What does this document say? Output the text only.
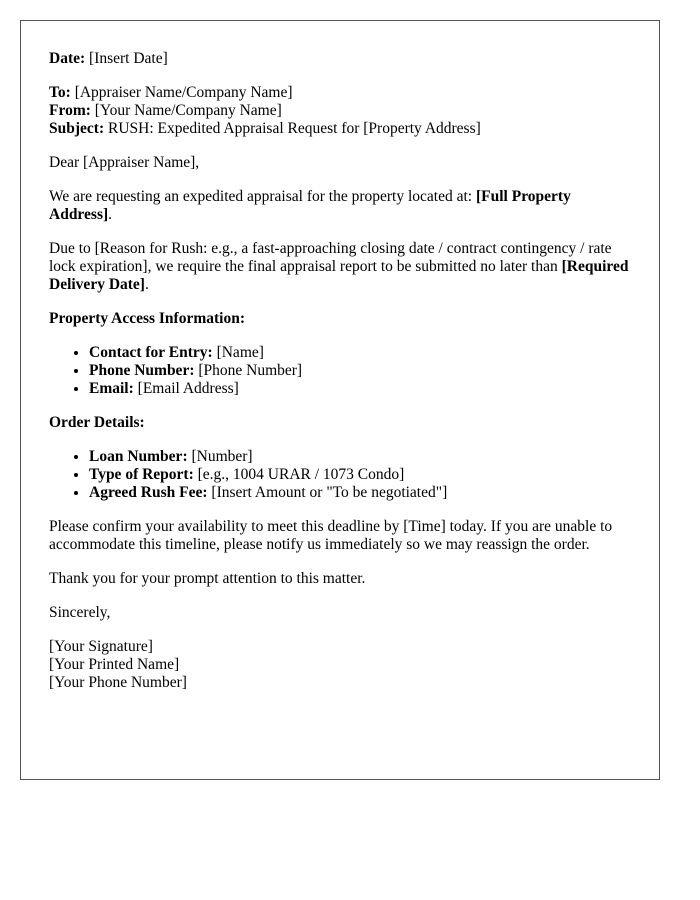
Date: [Insert Date]

To: [Appraiser Name/Company Name]

From: [Your Name/Company Name]

Subject: RUSH: Expedited Appraisal Request for [Property Address]

Dear [Appraiser Name],

We are requesting an expedited appraisal for the property located at: [Full Property Address].

Due to [Reason for Rush: e.g., a fast-approaching closing date / contract contingency / rate lock expiration], we require the final appraisal report to be submitted no later than [Required Delivery Date].

Property Access Information:

• Contact for Entry: [Name]
• Phone Number: [Phone Number]
• Email: [Email Address]

Order Details:

• Loan Number: [Number]
• Type of Report: [e.g., 1004 URAR / 1073 Condo]
• Agreed Rush Fee: [Insert Amount or "To be negotiated"]

Please confirm your availability to meet this deadline by [Time] today. If you are unable to accommodate this timeline, please notify us immediately so we may reassign the order.

Thank you for your prompt attention to this matter.

Sincerely,

[Your Signature]

[Your Printed Name]

[Your Phone Number]
